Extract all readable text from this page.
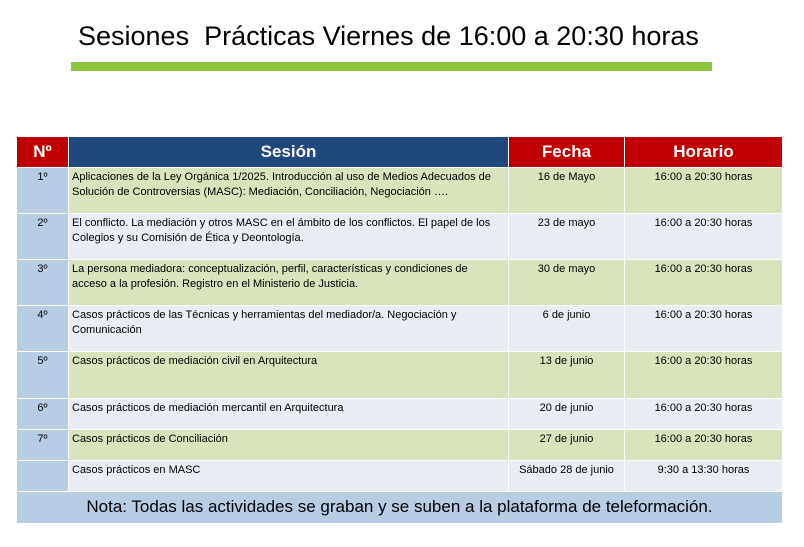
Sesiones  Prácticas Viernes de 16:00 a 20:30 horas
Nº	Sesión	Fecha	Horario
1º	Aplicaciones de la Ley Orgánica 1/2025. Introducción al uso de Medios Adecuados de Solución de Controversias (MASC): Mediación, Conciliación, Negociación ….	16 de Mayo	16:00 a 20:30 horas
2º	El conflicto. La mediación y otros MASC en el ámbito de los conflictos. El papel de los Colegios y su Comisión de Ética y Deontología.	23 de mayo	16:00 a 20:30 horas
3º	La persona mediadora: conceptualización, perfil, características y condiciones de acceso a la profesión. Registro en el Ministerio de Justicia.	30 de mayo	16:00 a 20:30 horas
4º	Casos prácticos de las Técnicas y herramientas del mediador/a. Negociación y Comunicación	6 de junio	16:00 a 20:30 horas
5º	Casos prácticos de mediación civil en Arquitectura	13 de junio	16:00 a 20:30 horas
6º	Casos prácticos de mediación mercantil en Arquitectura	20 de junio	16:00 a 20:30 horas
7º	Casos prácticos de Conciliación	27 de junio	16:00 a 20:30 horas
	Casos prácticos en MASC	Sábado 28 de junio	9:30 a 13:30 horas
Nota: Todas las actividades se graban y se suben a la plataforma de teleformación.			
